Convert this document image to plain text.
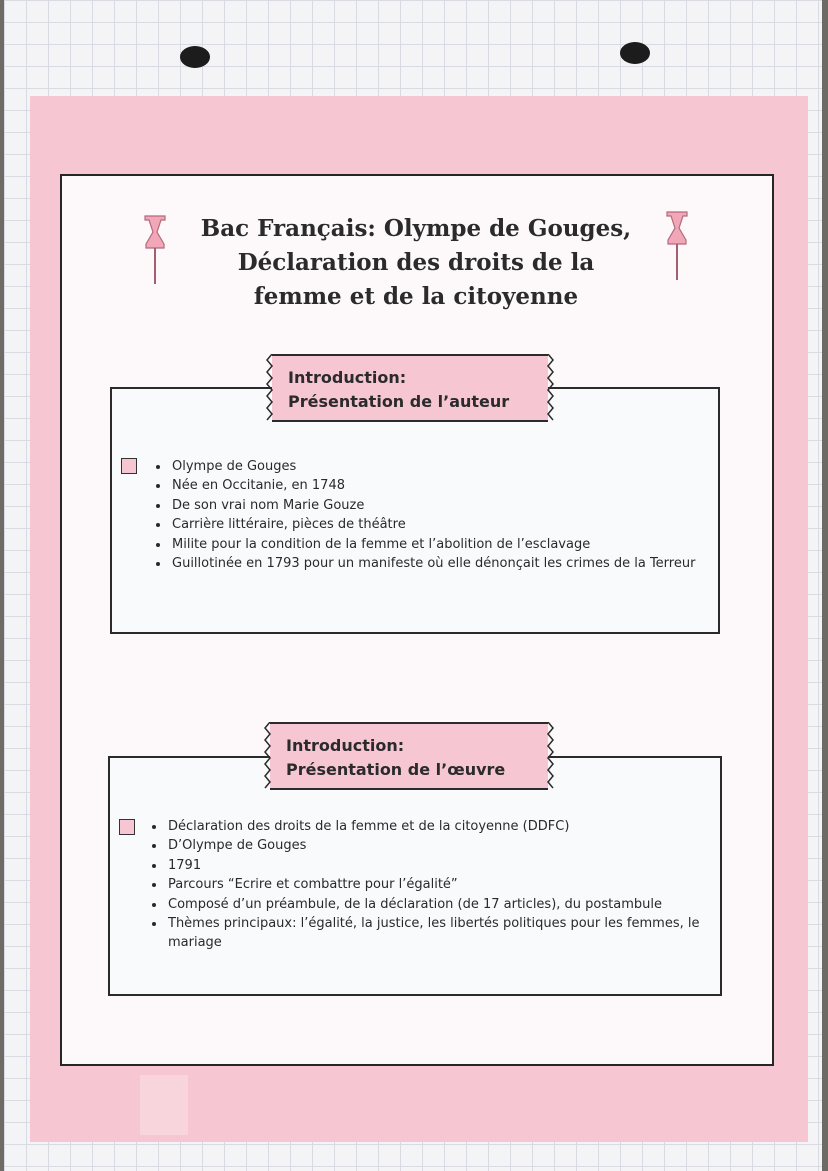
Bac Français: Olympe de Gouges,
Déclaration des droits de la
femme et de la citoyenne
Introduction:
Présentation de l’auteur
• Olympe de Gouges
• Née en Occitanie, en 1748
• De son vrai nom Marie Gouze
• Carrière littéraire, pièces de théâtre
• Milite pour la condition de la femme et l’abolition de l’esclavage
• Guillotinée en 1793 pour un manifeste où elle dénonçait les crimes de la Terreur
Introduction:
Présentation de l’œuvre
• Déclaration des droits de la femme et de la citoyenne (DDFC)
• D’Olympe de Gouges
• 1791
• Parcours “Ecrire et combattre pour l’égalité”
• Composé d’un préambule, de la déclaration (de 17 articles), du postambule
• Thèmes principaux: l’égalité, la justice, les libertés politiques pour les femmes, le mariage
